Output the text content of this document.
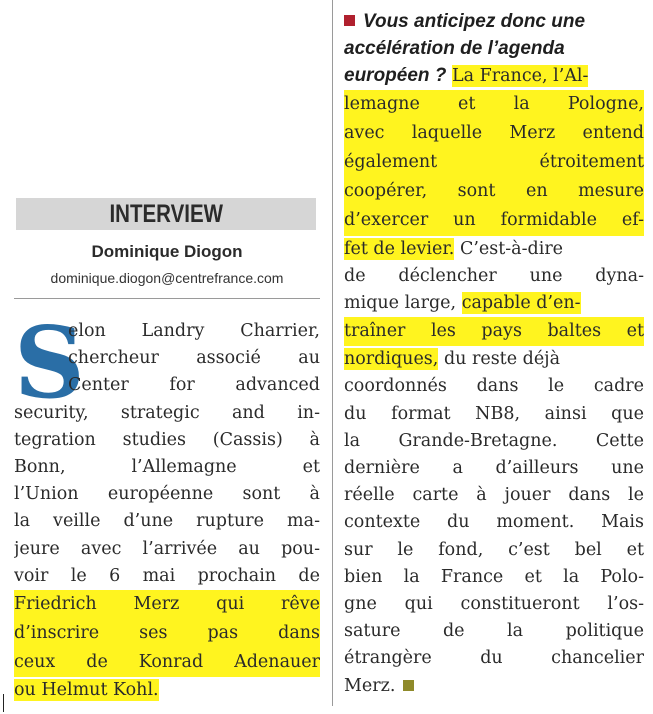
INTERVIEW
Dominique Diogon
dominique.diogon@centrefrance.com
S
elon Landry Charrier,
chercheur associé au
Center for advanced
security, strategic and in-
tegration studies (Cassis) à
Bonn, l’Allemagne et
l’Union européenne sont à
la veille d’une rupture ma-
jeure avec l’arrivée au pou-
voir le 6 mai prochain de
Friedrich Merz qui rêve
d’inscrire ses pas dans
ceux de Konrad Adenauer
ou Helmut Kohl.
Vous anticipez donc une
accélération de l’agenda
européen ? La France, l’Al-
lemagne et la Pologne,
avec laquelle Merz entend
également étroitement
coopérer, sont en mesure
d’exercer un formidable ef-
fet de levier. C’est-à-dire
de déclencher une dyna-
mique large, capable d’en-
traîner les pays baltes et
nordiques, du reste déjà
coordonnés dans le cadre
du format NB8, ainsi que
la Grande-Bretagne. Cette
dernière a d’ailleurs une
réelle carte à jouer dans le
contexte du moment. Mais
sur le fond, c’est bel et
bien la France et la Polo-
gne qui constitueront l’os-
sature de la politique
étrangère du chancelier
Merz.
